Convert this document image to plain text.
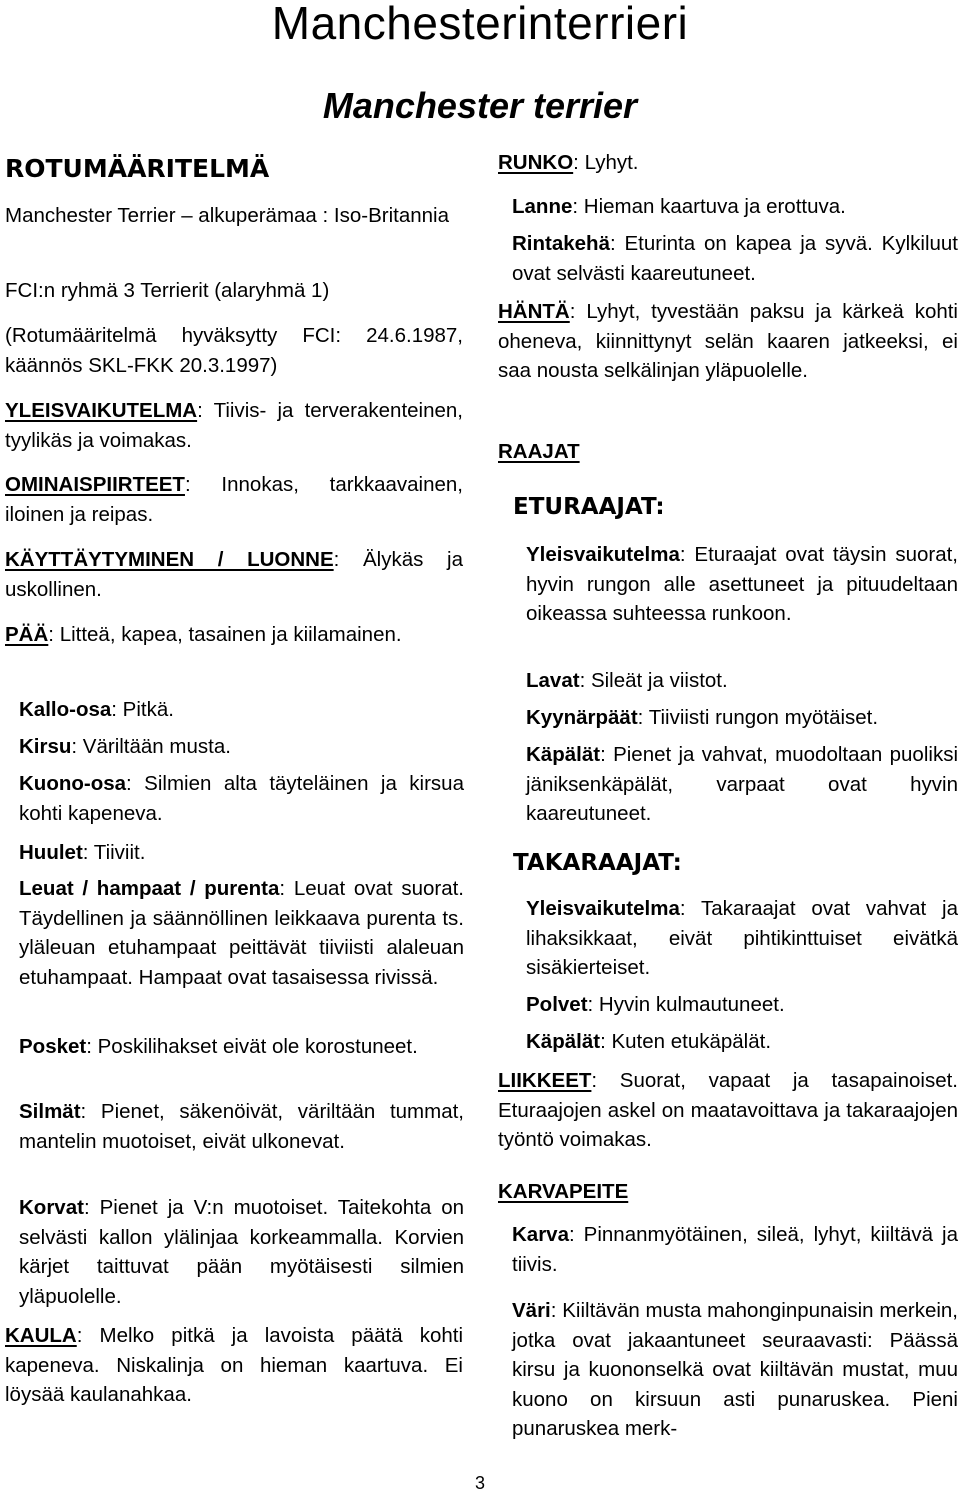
Manchesterinterrieri
Manchester terrier
ROTUMÄÄRITELMÄ

Manchester Terrier – alkuperämaa : Iso-Britannia

FCI:n ryhmä 3 Terrierit (alaryhmä 1)

(Rotumääritelmä hyväksytty FCI: 24.6.1987, käännös SKL-FKK 20.3.1997)

YLEISVAIKUTELMA: Tiivis- ja terverakenteinen, tyylikäs ja voimakas.

OMINAISPIIRTEET: Innokas, tarkkaavainen, iloinen ja reipas.

KÄYTTÄYTYMINEN / LUONNE: Älykäs ja uskollinen.

PÄÄ: Litteä, kapea, tasainen ja kiilamainen.

Kallo-osa: Pitkä.

Kirsu: Väriltään musta.

Kuono-osa: Silmien alta täyteläinen ja kirsua kohti kapeneva.

Huulet: Tiiviit.

Leuat / hampaat / purenta: Leuat ovat suorat. Täydellinen ja säännöllinen leikkaava purenta ts. yläleuan etuhampaat peittävät tiiviisti alaleuan etuhampaat. Hampaat ovat tasaisessa rivissä.

Posket: Poskilihakset eivät ole korostuneet.

Silmät: Pienet, säkenöivät, väriltään tummat, mantelin muotoiset, eivät ulkonevat.

Korvat: Pienet ja V:n muotoiset. Taitekohta on selvästi kallon ylälinjaa korkeammalla. Korvien kärjet taittuvat pään myötäisesti silmien yläpuolelle.

KAULA: Melko pitkä ja lavoista päätä kohti kapeneva. Niskalinja on hieman kaartuva. Ei löysää kaulanahkaa.

RUNKO: Lyhyt.

Lanne: Hieman kaartuva ja erottuva.

Rintakehä: Eturinta on kapea ja syvä. Kylkiluut ovat selvästi kaareutuneet.

HÄNTÄ: Lyhyt, tyvestään paksu ja kärkeä kohti oheneva, kiinnittynyt selän kaaren jatkeeksi, ei saa nousta selkälinjan yläpuolelle.

RAAJAT

ETURAAJAT:

Yleisvaikutelma: Eturaajat ovat täysin suorat, hyvin rungon alle asettuneet ja pituudeltaan oikeassa suhteessa runkoon.

Lavat: Sileät ja viistot.

Kyynärpäät: Tiiviisti rungon myötäiset.

Käpälät: Pienet ja vahvat, muodoltaan puoliksi jäniksenkäpälät, varpaat ovat hyvin kaareutuneet.

TAKARAAJAT:

Yleisvaikutelma: Takaraajat ovat vahvat ja lihaksikkaat, eivät pihtikinttuiset eivätkä sisäkierteiset.

Polvet: Hyvin kulmautuneet.

Käpälät: Kuten etukäpälät.

LIIKKEET: Suorat, vapaat ja tasapainoiset. Eturaajojen askel on maatavoittava ja takaraajojen työntö voimakas.

KARVAPEITE

Karva: Pinnanmyötäinen, sileä, lyhyt, kiiltävä ja tiivis.

Väri: Kiiltävän musta mahonginpunaisin merkein, jotka ovat jakaantuneet seuraavasti: Päässä kirsu ja kuononselkä ovat kiiltävän mustat, muu kuono on kirsuun asti punaruskea. Pieni punaruskea merk-

3
